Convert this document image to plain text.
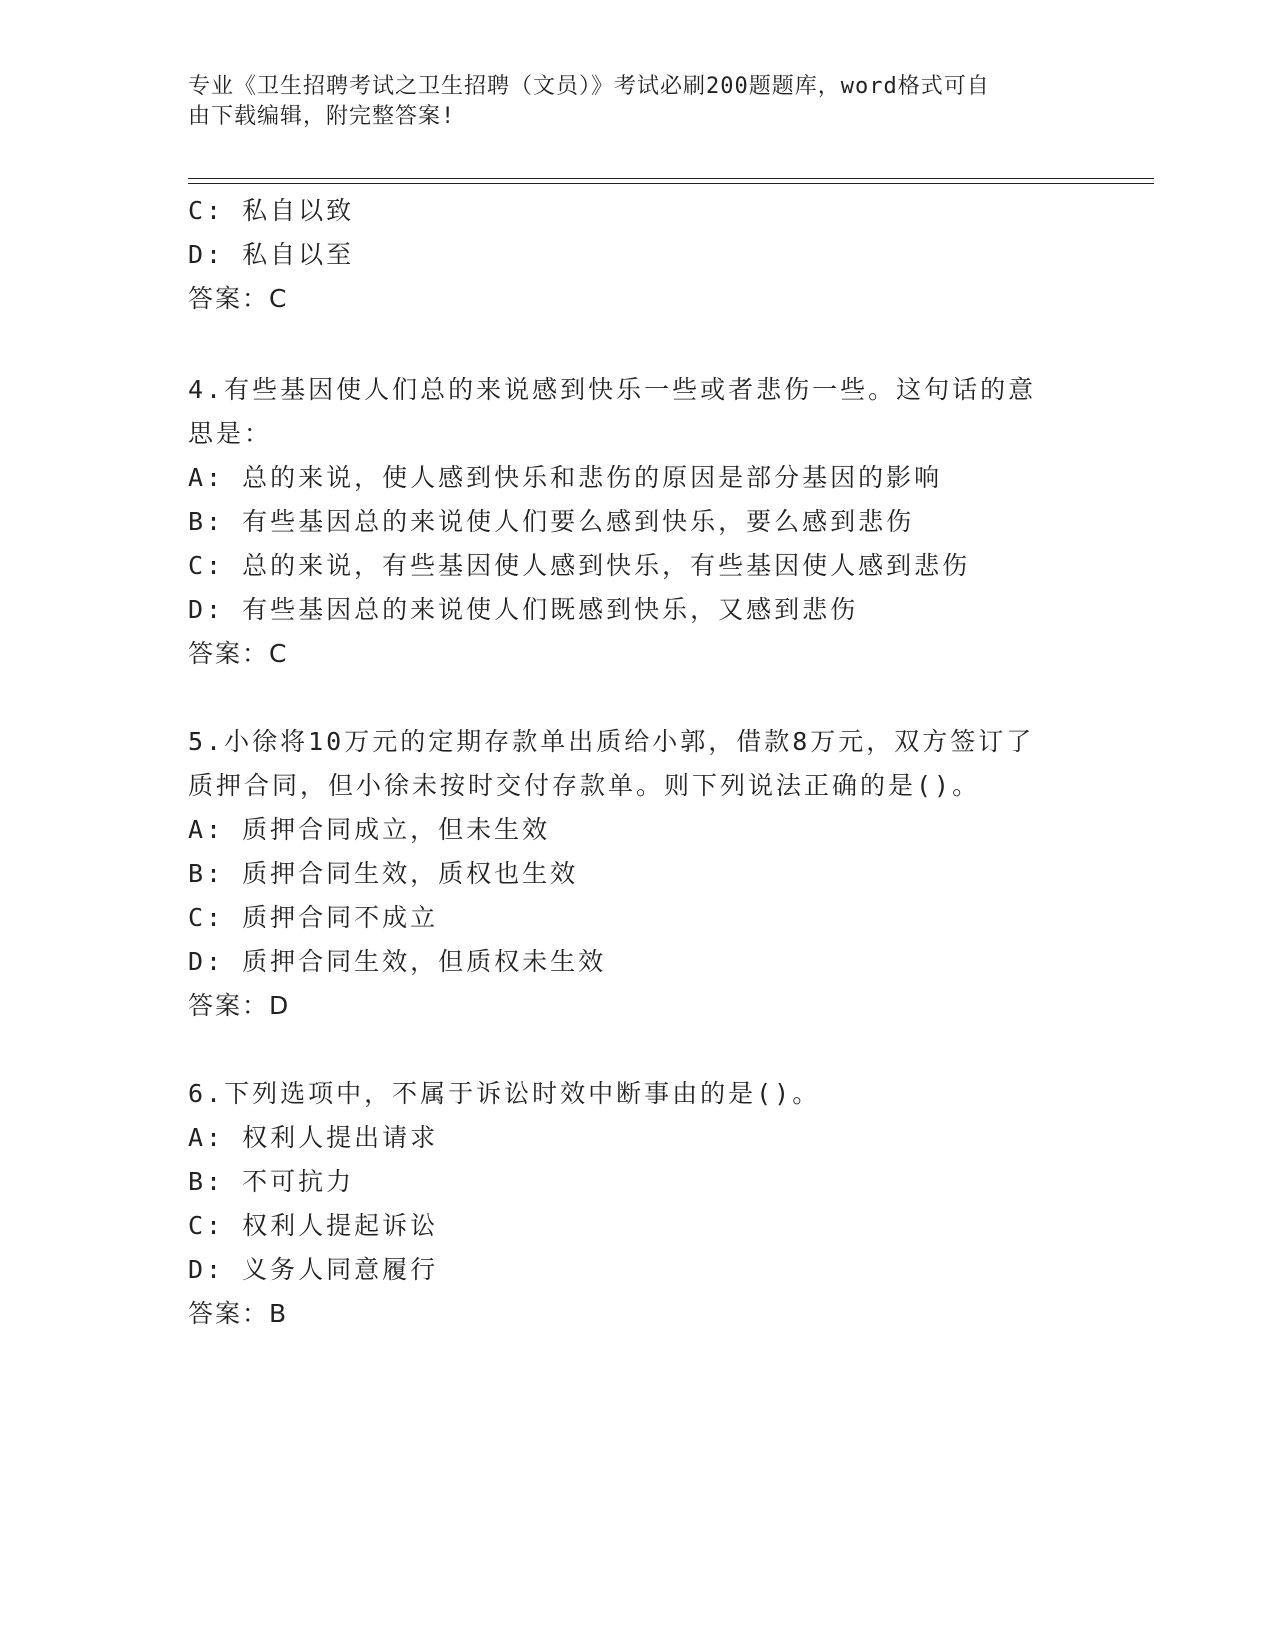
专业《卫生招聘考试之卫生招聘（文员）》考试必刷200题题库，word格式可自
由下载编辑，附完整答案!
C: 私自以致
D: 私自以至
答案：C
4.有些基因使人们总的来说感到快乐一些或者悲伤一些。这句话的意
思是：
A: 总的来说，使人感到快乐和悲伤的原因是部分基因的影响
B: 有些基因总的来说使人们要么感到快乐，要么感到悲伤
C: 总的来说，有些基因使人感到快乐，有些基因使人感到悲伤
D: 有些基因总的来说使人们既感到快乐，又感到悲伤
答案：C
5.小徐将10万元的定期存款单出质给小郭，借款8万元，双方签订了
质押合同，但小徐未按时交付存款单。则下列说法正确的是()。
A: 质押合同成立，但未生效
B: 质押合同生效，质权也生效
C: 质押合同不成立
D: 质押合同生效，但质权未生效
答案：D
6.下列选项中，不属于诉讼时效中断事由的是()。
A: 权利人提出请求
B: 不可抗力
C: 权利人提起诉讼
D: 义务人同意履行
答案：B
